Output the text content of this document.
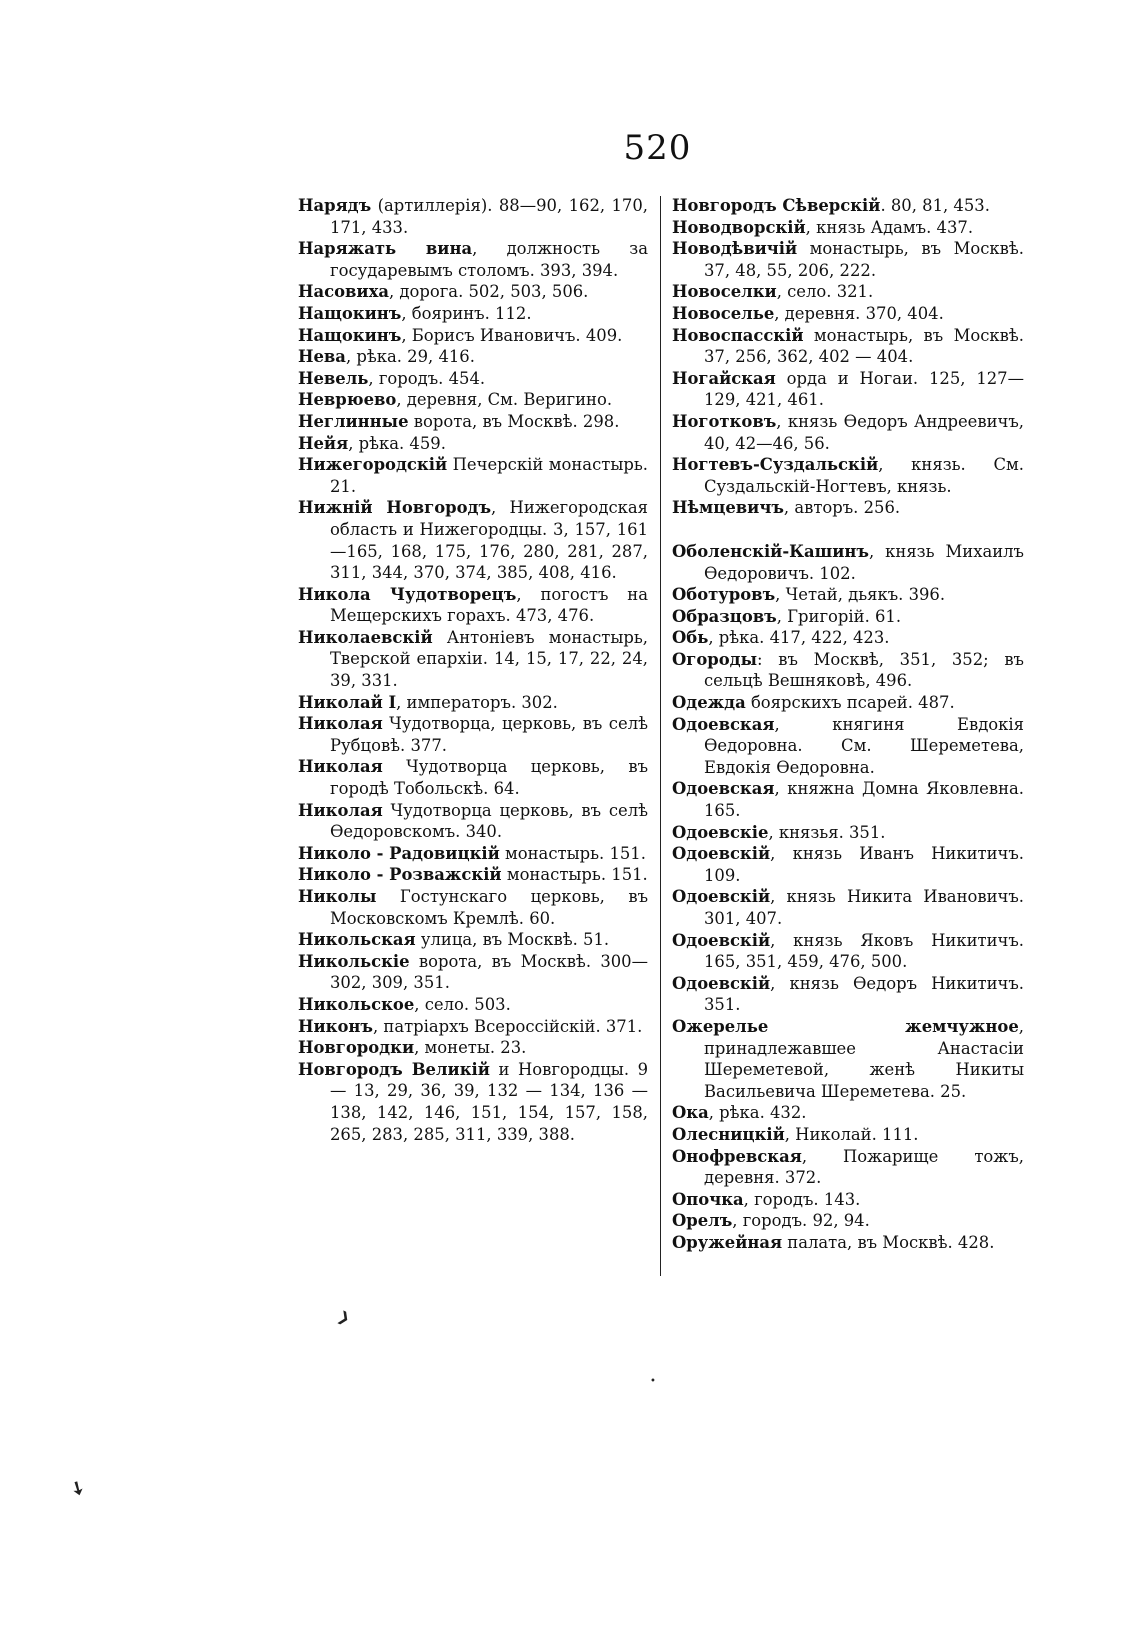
520
Нарядъ (артиллерія). 88—90, 162, 170, 171, 433.
Наряжать вина, должность за государевымъ столомъ. 393, 394.
Насовиха, дорога. 502, 503, 506.
Нащокинъ, бояринъ. 112.
Нащокинъ, Борисъ Ивановичъ. 409.
Нева, рѣка. 29, 416.
Невель, городъ. 454.
Неврюево, деревня, См. Веригино.
Неглинные ворота, въ Москвѣ. 298.
Нейя, рѣка. 459.
Нижегородскій Печерскій монастырь. 21.
Нижній Новгородъ, Нижегородская область и Нижегородцы. 3, 157, 161—165, 168, 175, 176, 280, 281, 287, 311, 344, 370, 374, 385, 408, 416.
Никола Чудотворецъ, погостъ на Мещерскихъ горахъ. 473, 476.
Николаевскій Антоніевъ монастырь, Тверской епархіи. 14, 15, 17, 22, 24, 39, 331.
Николай I, императоръ. 302.
Николая Чудотворца, церковь, въ селѣ Рубцовѣ. 377.
Николая Чудотворца церковь, въ городѣ Тобольскѣ. 64.
Николая Чудотворца церковь, въ селѣ Ѳедоровскомъ. 340.
Николо - Радовицкій монастырь. 151.
Николо - Розважскій монастырь. 151.
Николы Гостунскаго церковь, въ Московскомъ Кремлѣ. 60.
Никольская улица, въ Москвѣ. 51.
Никольскіе ворота, въ Москвѣ. 300—302, 309, 351.
Никольское, село. 503.
Никонъ, патріархъ Всероссійскій. 371.
Новгородки, монеты. 23.
Новгородъ Великій и Новгородцы. 9 — 13, 29, 36, 39, 132 — 134, 136 — 138, 142, 146, 151, 154, 157, 158, 265, 283, 285, 311, 339, 388.
Новгородъ Сѣверскій. 80, 81, 453.
Новодворскій, князь Адамъ. 437.
Новодѣвичій монастырь, въ Москвѣ. 37, 48, 55, 206, 222.
Новоселки, село. 321.
Новоселье, деревня. 370, 404.
Новоспасскій монастырь, въ Москвѣ. 37, 256, 362, 402 — 404.
Ногайская орда и Ногаи. 125, 127—129, 421, 461.
Ноготковъ, князь Ѳедоръ Андреевичъ, 40, 42—46, 56.
Ногтевъ-Суздальскій, князь. См. Суздальскій-Ногтевъ, князь.
Нѣмцевичъ, авторъ. 256.
Оболенскій-Кашинъ, князь Михаилъ Ѳедоровичъ. 102.
Оботуровъ, Четай, дьякъ. 396.
Образцовъ, Григорій. 61.
Обь, рѣка. 417, 422, 423.
Огороды: въ Москвѣ, 351, 352; въ сельцѣ Вешняковѣ, 496.
Одежда боярскихъ псарей. 487.
Одоевская, княгиня Евдокія Ѳедоровна. См. Шереметева, Евдокія Ѳедоровна.
Одоевская, княжна Домна Яковлевна. 165.
Одоевскіе, князья. 351.
Одоевскій, князь Иванъ Никитичъ. 109.
Одоевскій, князь Никита Ивановичъ. 301, 407.
Одоевскій, князь Яковъ Никитичъ. 165, 351, 459, 476, 500.
Одоевскій, князь Ѳедоръ Никитичъ. 351.
Ожерелье жемчужное, принадлежавшее Анастасіи Шереметевой, женѣ Никиты Васильевича Шереметева. 25.
Ока, рѣка. 432.
Олесницкій, Николай. 111.
Онофревская, Пожарище тожъ, деревня. 372.
Опочка, городъ. 143.
Орелъ, городъ. 92, 94.
Оружейная палата, въ Москвѣ. 428.
❯
•
➘
